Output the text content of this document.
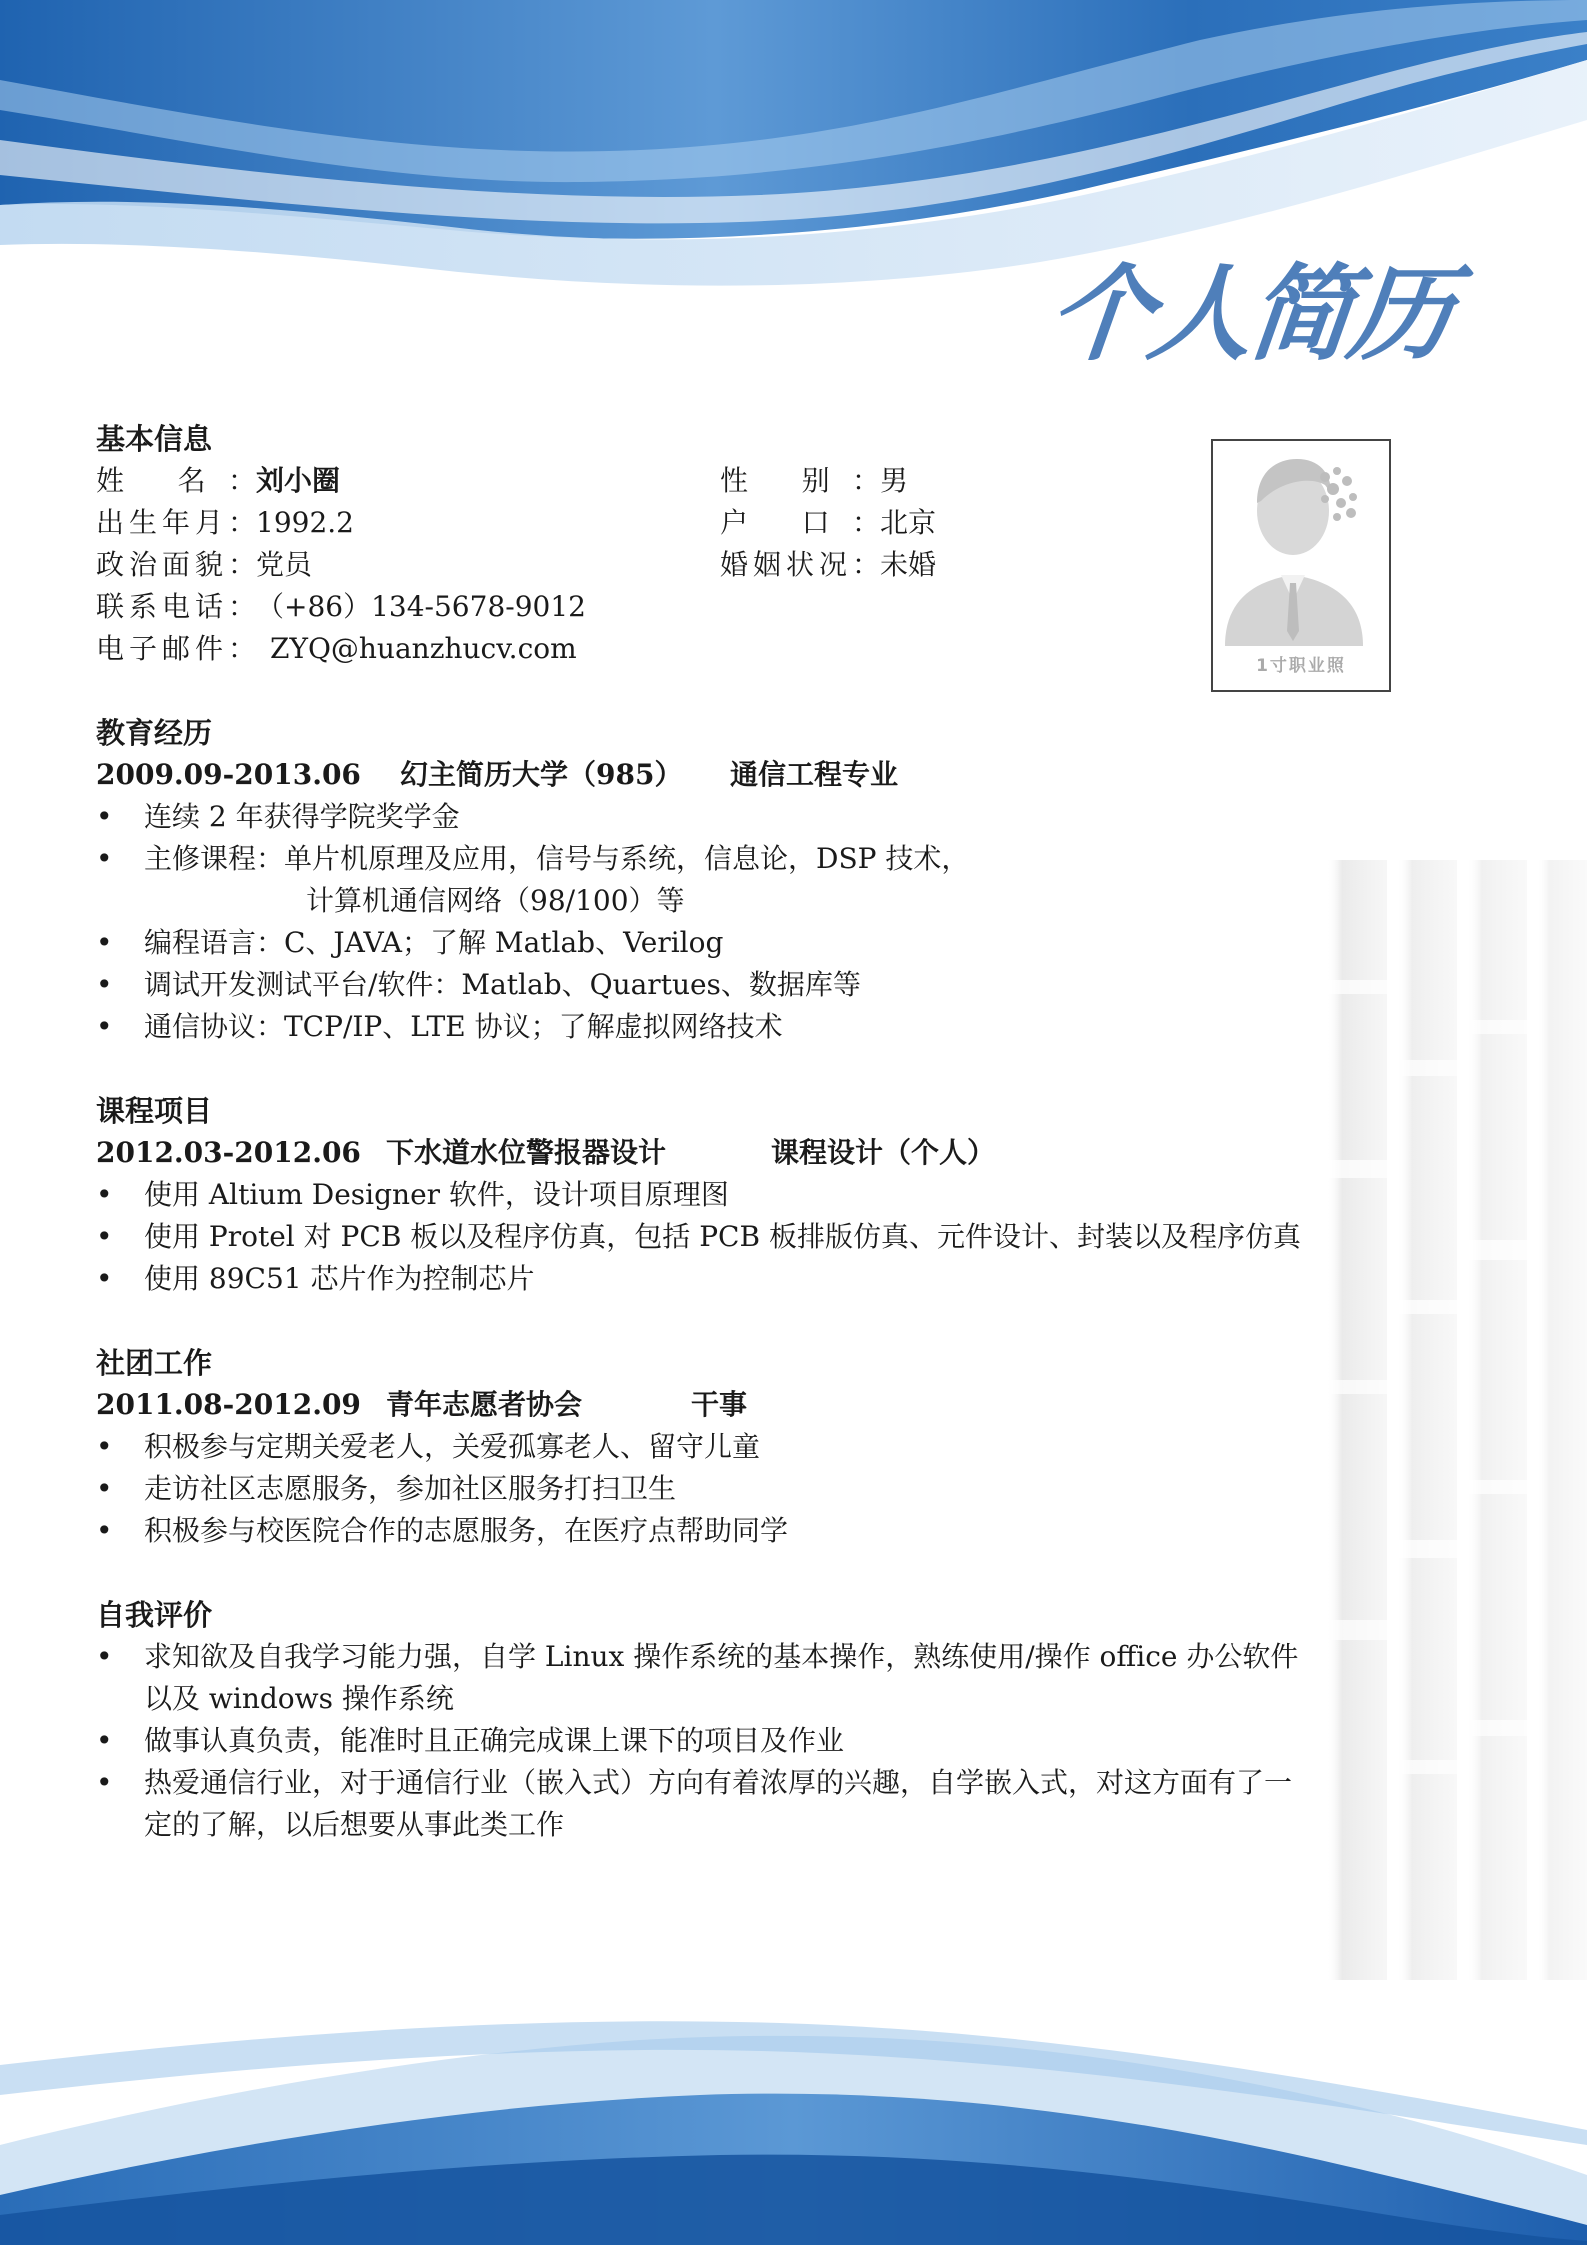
个人简历
1寸职业照
基本信息
姓 名：刘小圈	性 别：男
出生年月：1992.2	户 口：北京
政治面貌：党员	婚姻状况：未婚
联系电话：（+86）134-5678-9012
电子邮件： ZYQ@huanzhucv.com
教育经历
2009.09-2013.06 幻主简历大学（985） 通信工程专业
• 连续 2 年获得学院奖学金
• 主修课程：单片机原理及应用，信号与系统，信息论，DSP 技术，
计算机通信网络（98/100）等
• 编程语言：C、JAVA；了解 Matlab、Verilog
• 调试开发测试平台/软件：Matlab、Quartues、数据库等
• 通信协议：TCP/IP、LTE 协议；了解虚拟网络技术
课程项目
2012.03-2012.06 下水道水位警报器设计	课程设计（个人）
• 使用 Altium Designer 软件，设计项目原理图
• 使用 Protel 对 PCB 板以及程序仿真，包括 PCB 板排版仿真、元件设计、封装以及程序仿真
• 使用 89C51 芯片作为控制芯片
社团工作
2011.08-2012.09 青年志愿者协会	干事
• 积极参与定期关爱老人，关爱孤寡老人、留守儿童
• 走访社区志愿服务，参加社区服务打扫卫生
• 积极参与校医院合作的志愿服务，在医疗点帮助同学
自我评价
• 求知欲及自我学习能力强，自学 Linux 操作系统的基本操作，熟练使用/操作 office 办公软件以及 windows 操作系统
• 做事认真负责，能准时且正确完成课上课下的项目及作业
• 热爱通信行业，对于通信行业（嵌入式）方向有着浓厚的兴趣，自学嵌入式，对这方面有了一定的了解，以后想要从事此类工作
